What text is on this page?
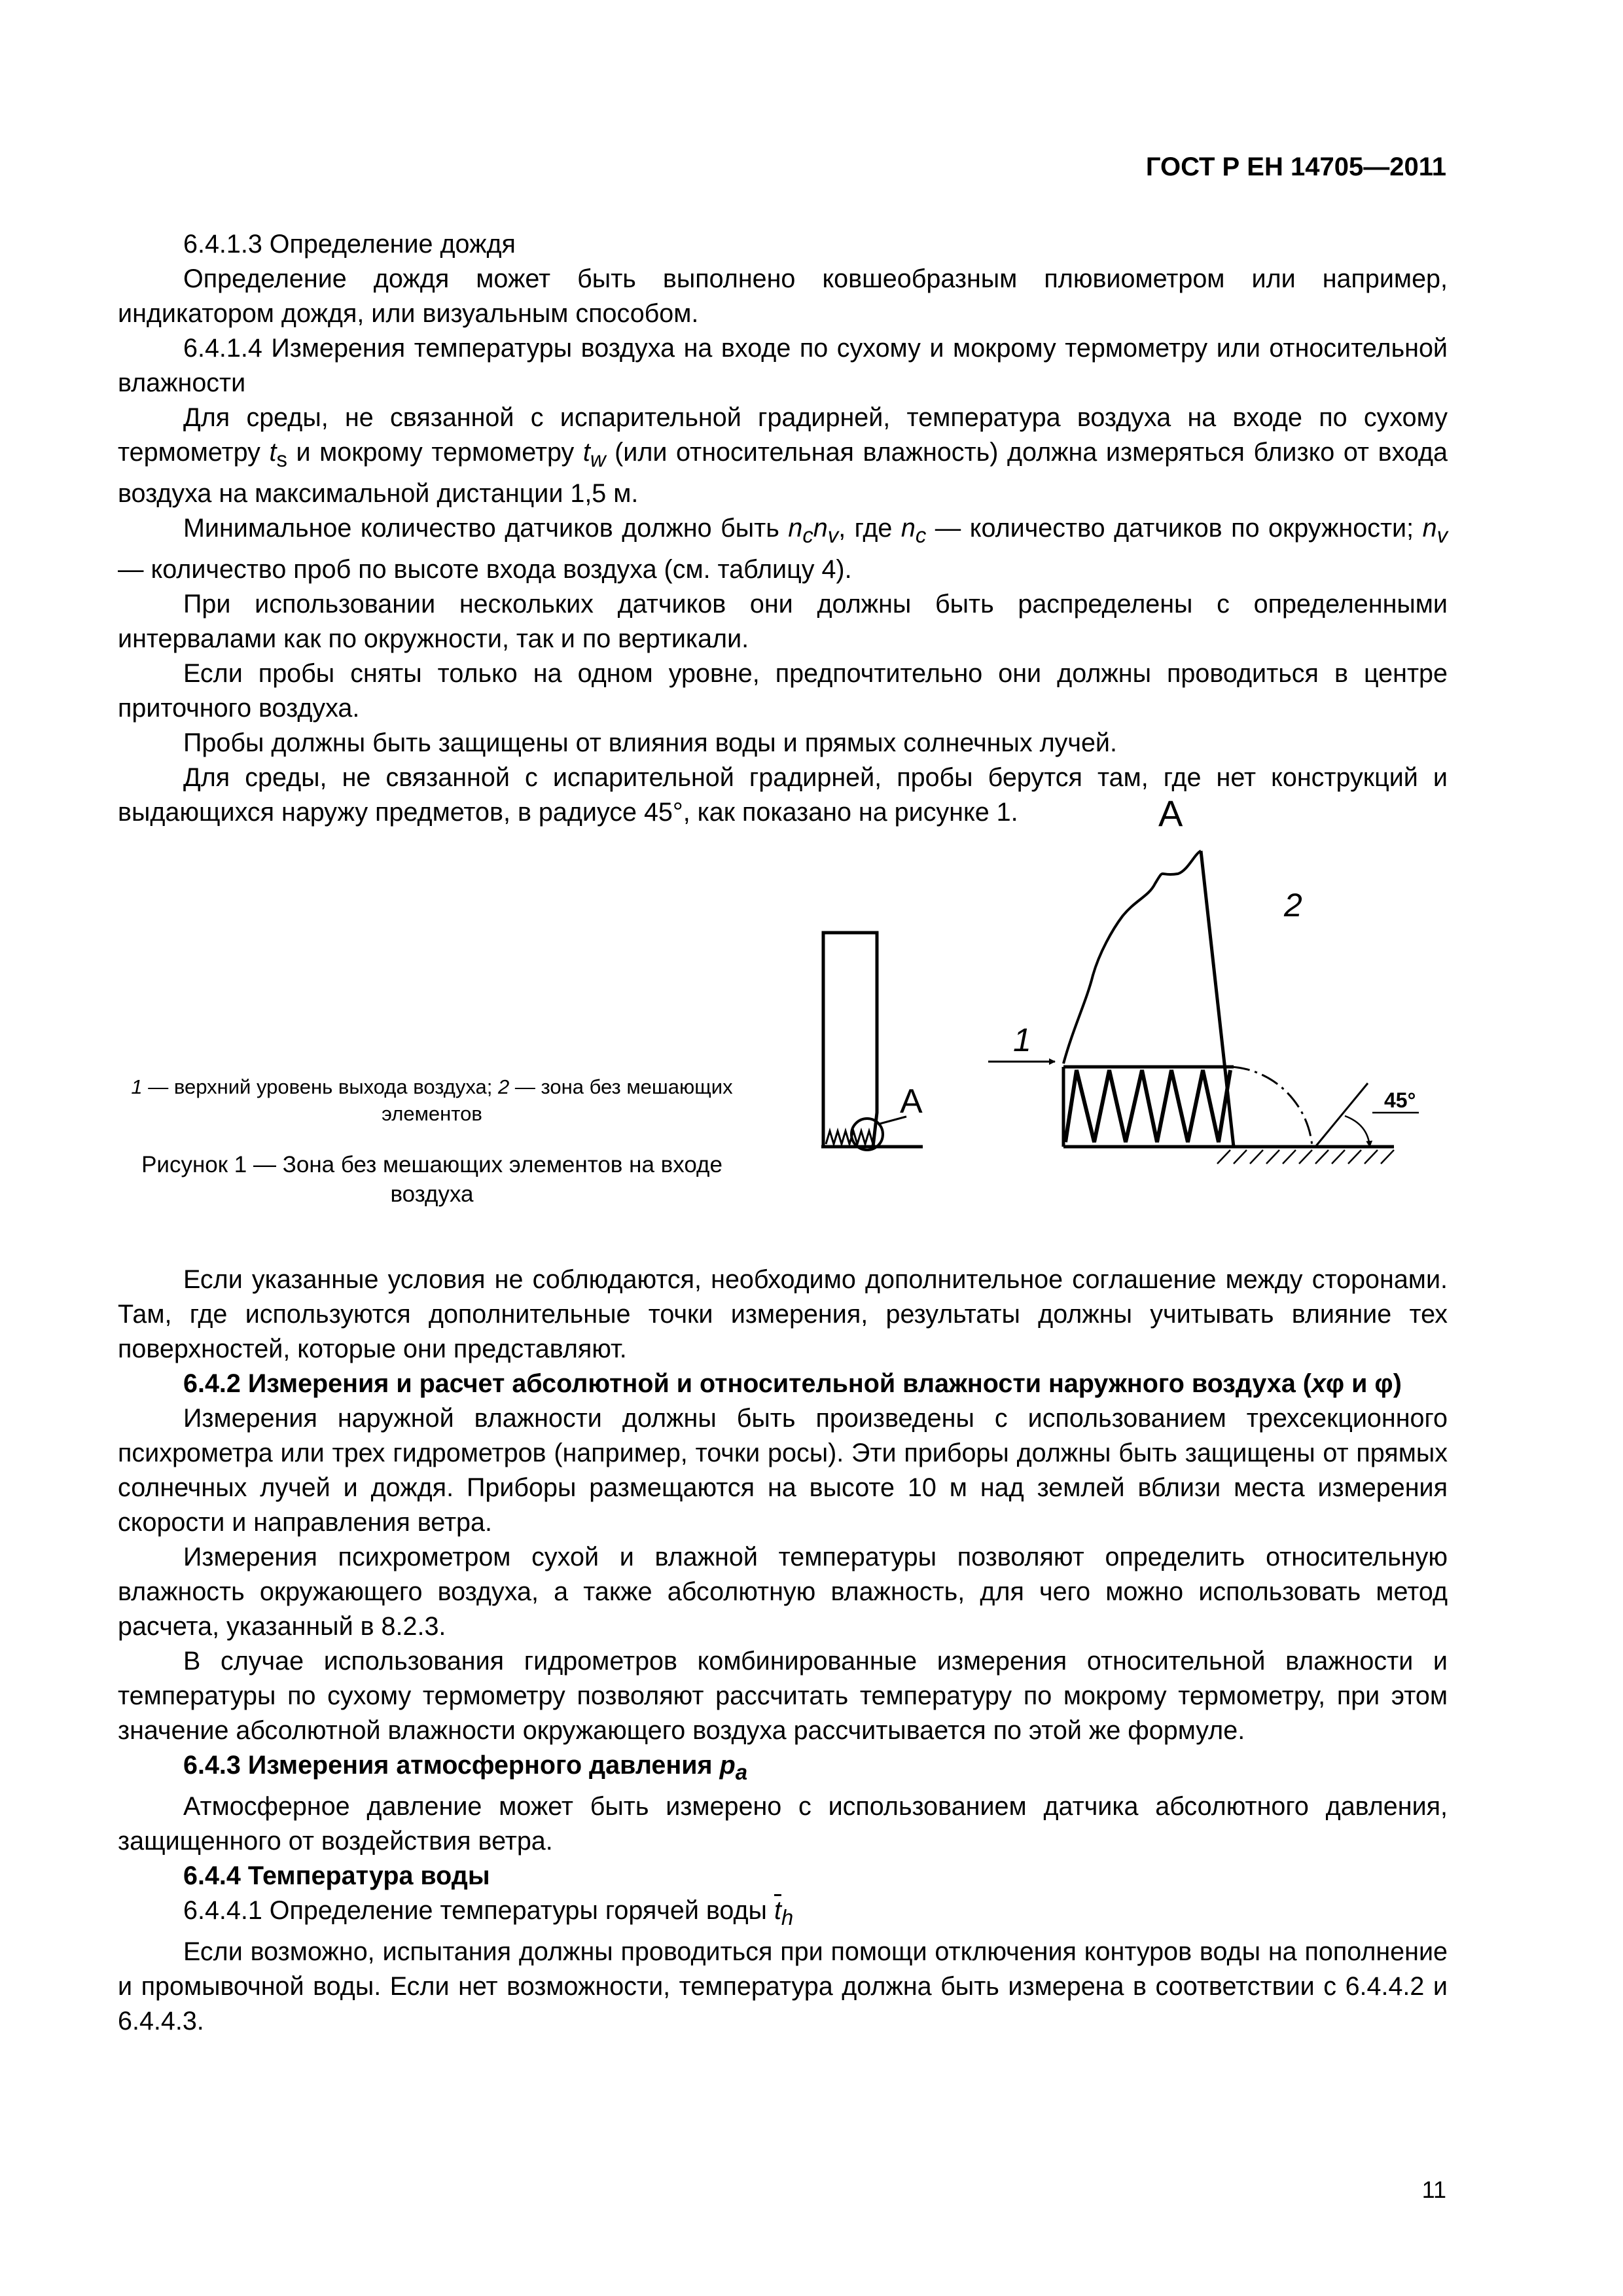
ГОСТ Р ЕН 14705—2011

6.4.1.3 Определение дождя

Определение дождя может быть выполнено ковшеобразным плювиометром или например, индикатором дождя, или визуальным способом.

6.4.1.4 Измерения температуры воздуха на входе по сухому и мокрому термометру или относительной влажности

Для среды, не связанной с испарительной градирней, температура воздуха на входе по сухому термометру $t_s$ и мокрому термометру $t_w$ (или относительная влажность) должна измеряться близко от входа воздуха на максимальной дистанции 1,5 м.

Минимальное количество датчиков должно быть $n_cn_v$, где $n_c$ — количество датчиков по окружности; $n_v$ — количество проб по высоте входа воздуха (см. таблицу 4).

При использовании нескольких датчиков они должны быть распределены с определенными интервалами как по окружности, так и по вертикали.

Если пробы сняты только на одном уровне, предпочтительно они должны проводиться в центре приточного воздуха.

Пробы должны быть защищены от влияния воды и прямых солнечных лучей.

Для среды, не связанной с испарительной градирней, пробы берутся там, где нет конструкций и выдающихся наружу предметов, в радиусе 45°, как показано на рисунке 1.

1 — верхний уровень выхода воздуха; 2 — зона без мешающих элементов
Рисунок 1 — Зона без мешающих элементов на входе воздуха
А
А
1
2
45°

Если указанные условия не соблюдаются, необходимо дополнительное соглашение между сторонами. Там, где используются дополнительные точки измерения, результаты должны учитывать влияние тех поверхностей, которые они представляют.

6.4.2 Измерения и расчет абсолютной и относительной влажности наружного воздуха (xφ и φ)

Измерения наружной влажности должны быть произведены с использованием трехсекционного психрометра или трех гидрометров (например, точки росы). Эти приборы должны быть защищены от прямых солнечных лучей и дождя. Приборы размещаются на высоте 10 м над землей вблизи места измерения скорости и направления ветра.

Измерения психрометром сухой и влажной температуры позволяют определить относительную влажность окружающего воздуха, а также абсолютную влажность, для чего можно использовать метод расчета, указанный в 8.2.3.

В случае использования гидрометров комбинированные измерения относительной влажности и температуры по сухому термометру позволяют рассчитать температуру по мокрому термометру, при этом значение абсолютной влажности окружающего воздуха рассчитывается по этой же формуле.

6.4.3 Измерения атмосферного давления $p_a$

Атмосферное давление может быть измерено с использованием датчика абсолютного давления, защищенного от воздействия ветра.

6.4.4 Температура воды

6.4.4.1 Определение температуры горячей воды $\overline{t}_h$

Если возможно, испытания должны проводиться при помощи отключения контуров воды на пополнение и промывочной воды. Если нет возможности, температура должна быть измерена в соответствии с 6.4.4.2 и 6.4.4.3.

11
